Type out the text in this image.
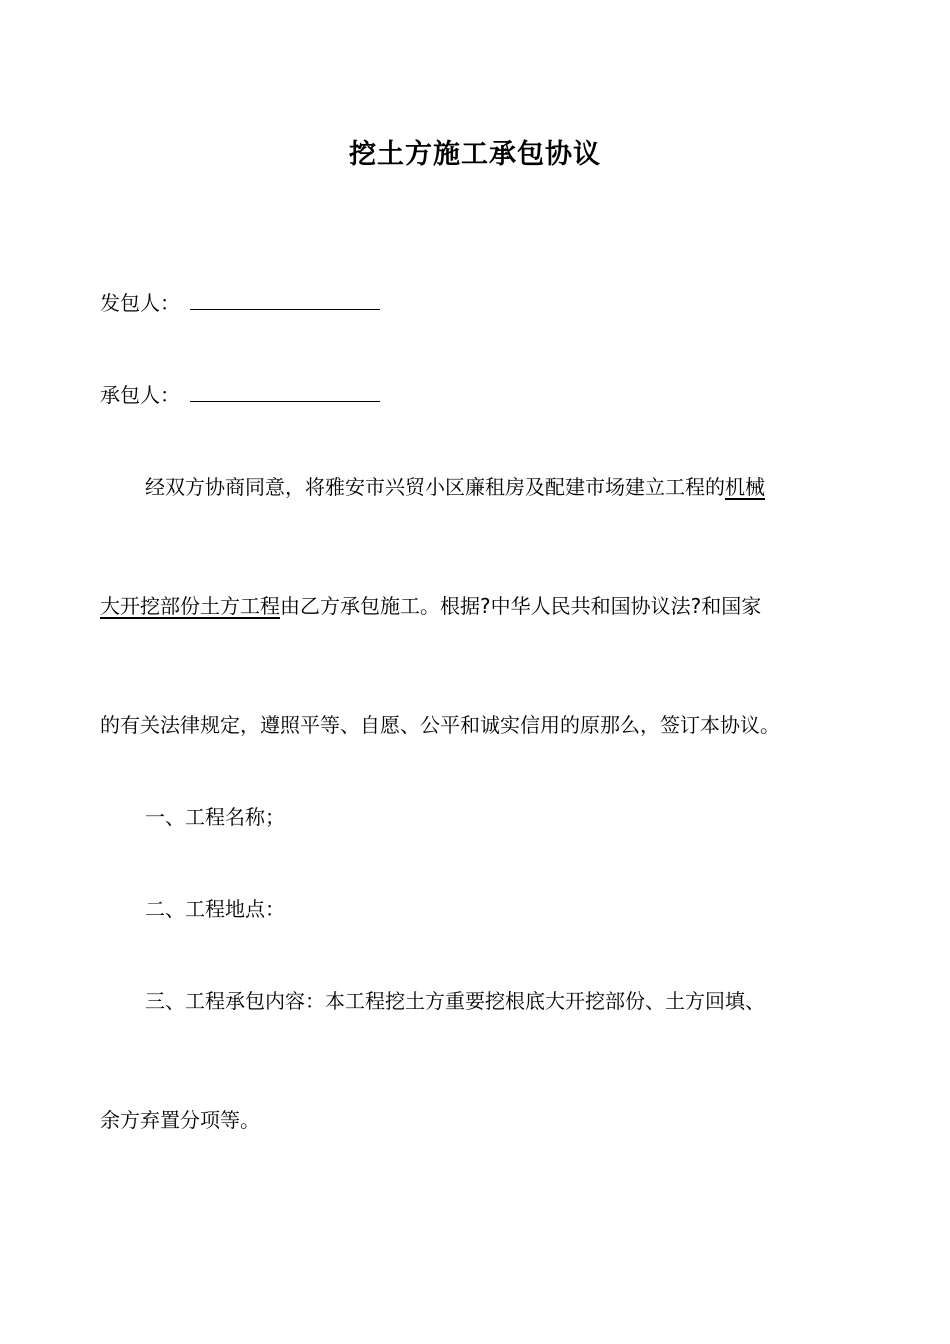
挖土方施工承包协议
发包人：
承包人：
经双方协商同意，将雅安市兴贸小区廉租房及配建市场建立工程的机械
大开挖部份土方工程由乙方承包施工。根据?中华人民共和国协议法?和国家
的有关法律规定，遵照平等、自愿、公平和诚实信用的原那么，签订本协议。
一、工程名称；
二、工程地点：
三、工程承包内容：本工程挖土方重要挖根底大开挖部份、土方回填、
余方弃置分项等。
